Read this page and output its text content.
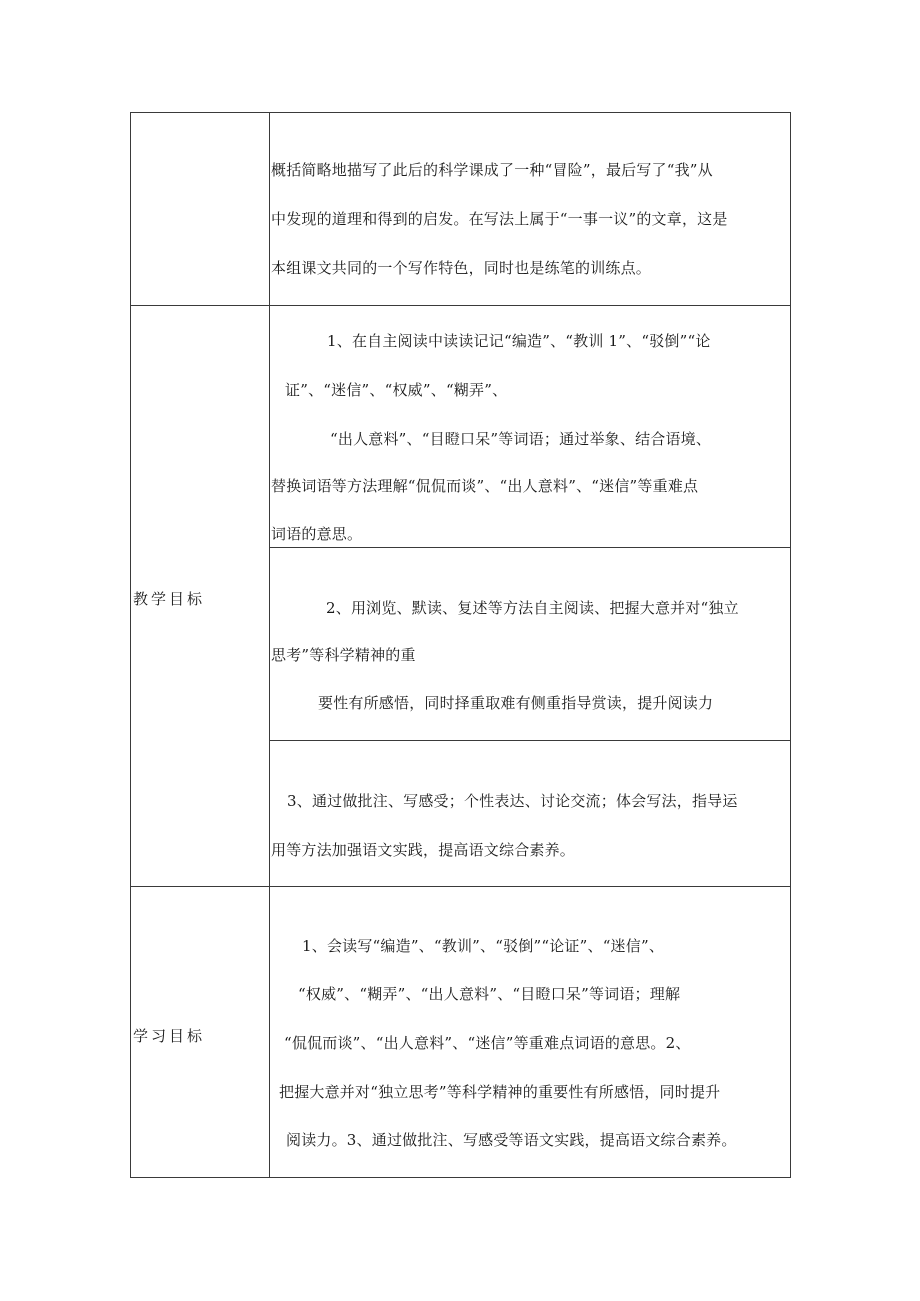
概括简略地描写了此后的科学课成了一种“冒险”，最后写了“我”从
中发现的道理和得到的启发。在写法上属于“一事一议”的文章，这是
本组课文共同的一个写作特色，同时也是练笔的训练点。
教学目标
1、在自主阅读中读读记记“编造”、“教训 1”、“驳倒”“论
证”、“迷信”、“权威”、“糊弄”、
“出人意料”、“目瞪口呆”等词语；通过举象、结合语境、
替换词语等方法理解“侃侃而谈”、“出人意料”、“迷信”等重难点
词语的意思。
2、用浏览、默读、复述等方法自主阅读、把握大意并对“独立
思考”等科学精神的重
要性有所感悟，同时择重取难有侧重指导赏读，提升阅读力
3、通过做批注、写感受；个性表达、讨论交流；体会写法，指导运
用等方法加强语文实践，提高语文综合素养。
学习目标
1、会读写“编造”、“教训”、“驳倒”“论证”、“迷信”、
“权威”、“糊弄”、“出人意料”、“目瞪口呆”等词语；理解
“侃侃而谈”、“出人意料”、“迷信”等重难点词语的意思。2、
把握大意并对“独立思考”等科学精神的重要性有所感悟，同时提升
阅读力。3、通过做批注、写感受等语文实践，提高语文综合素养。
